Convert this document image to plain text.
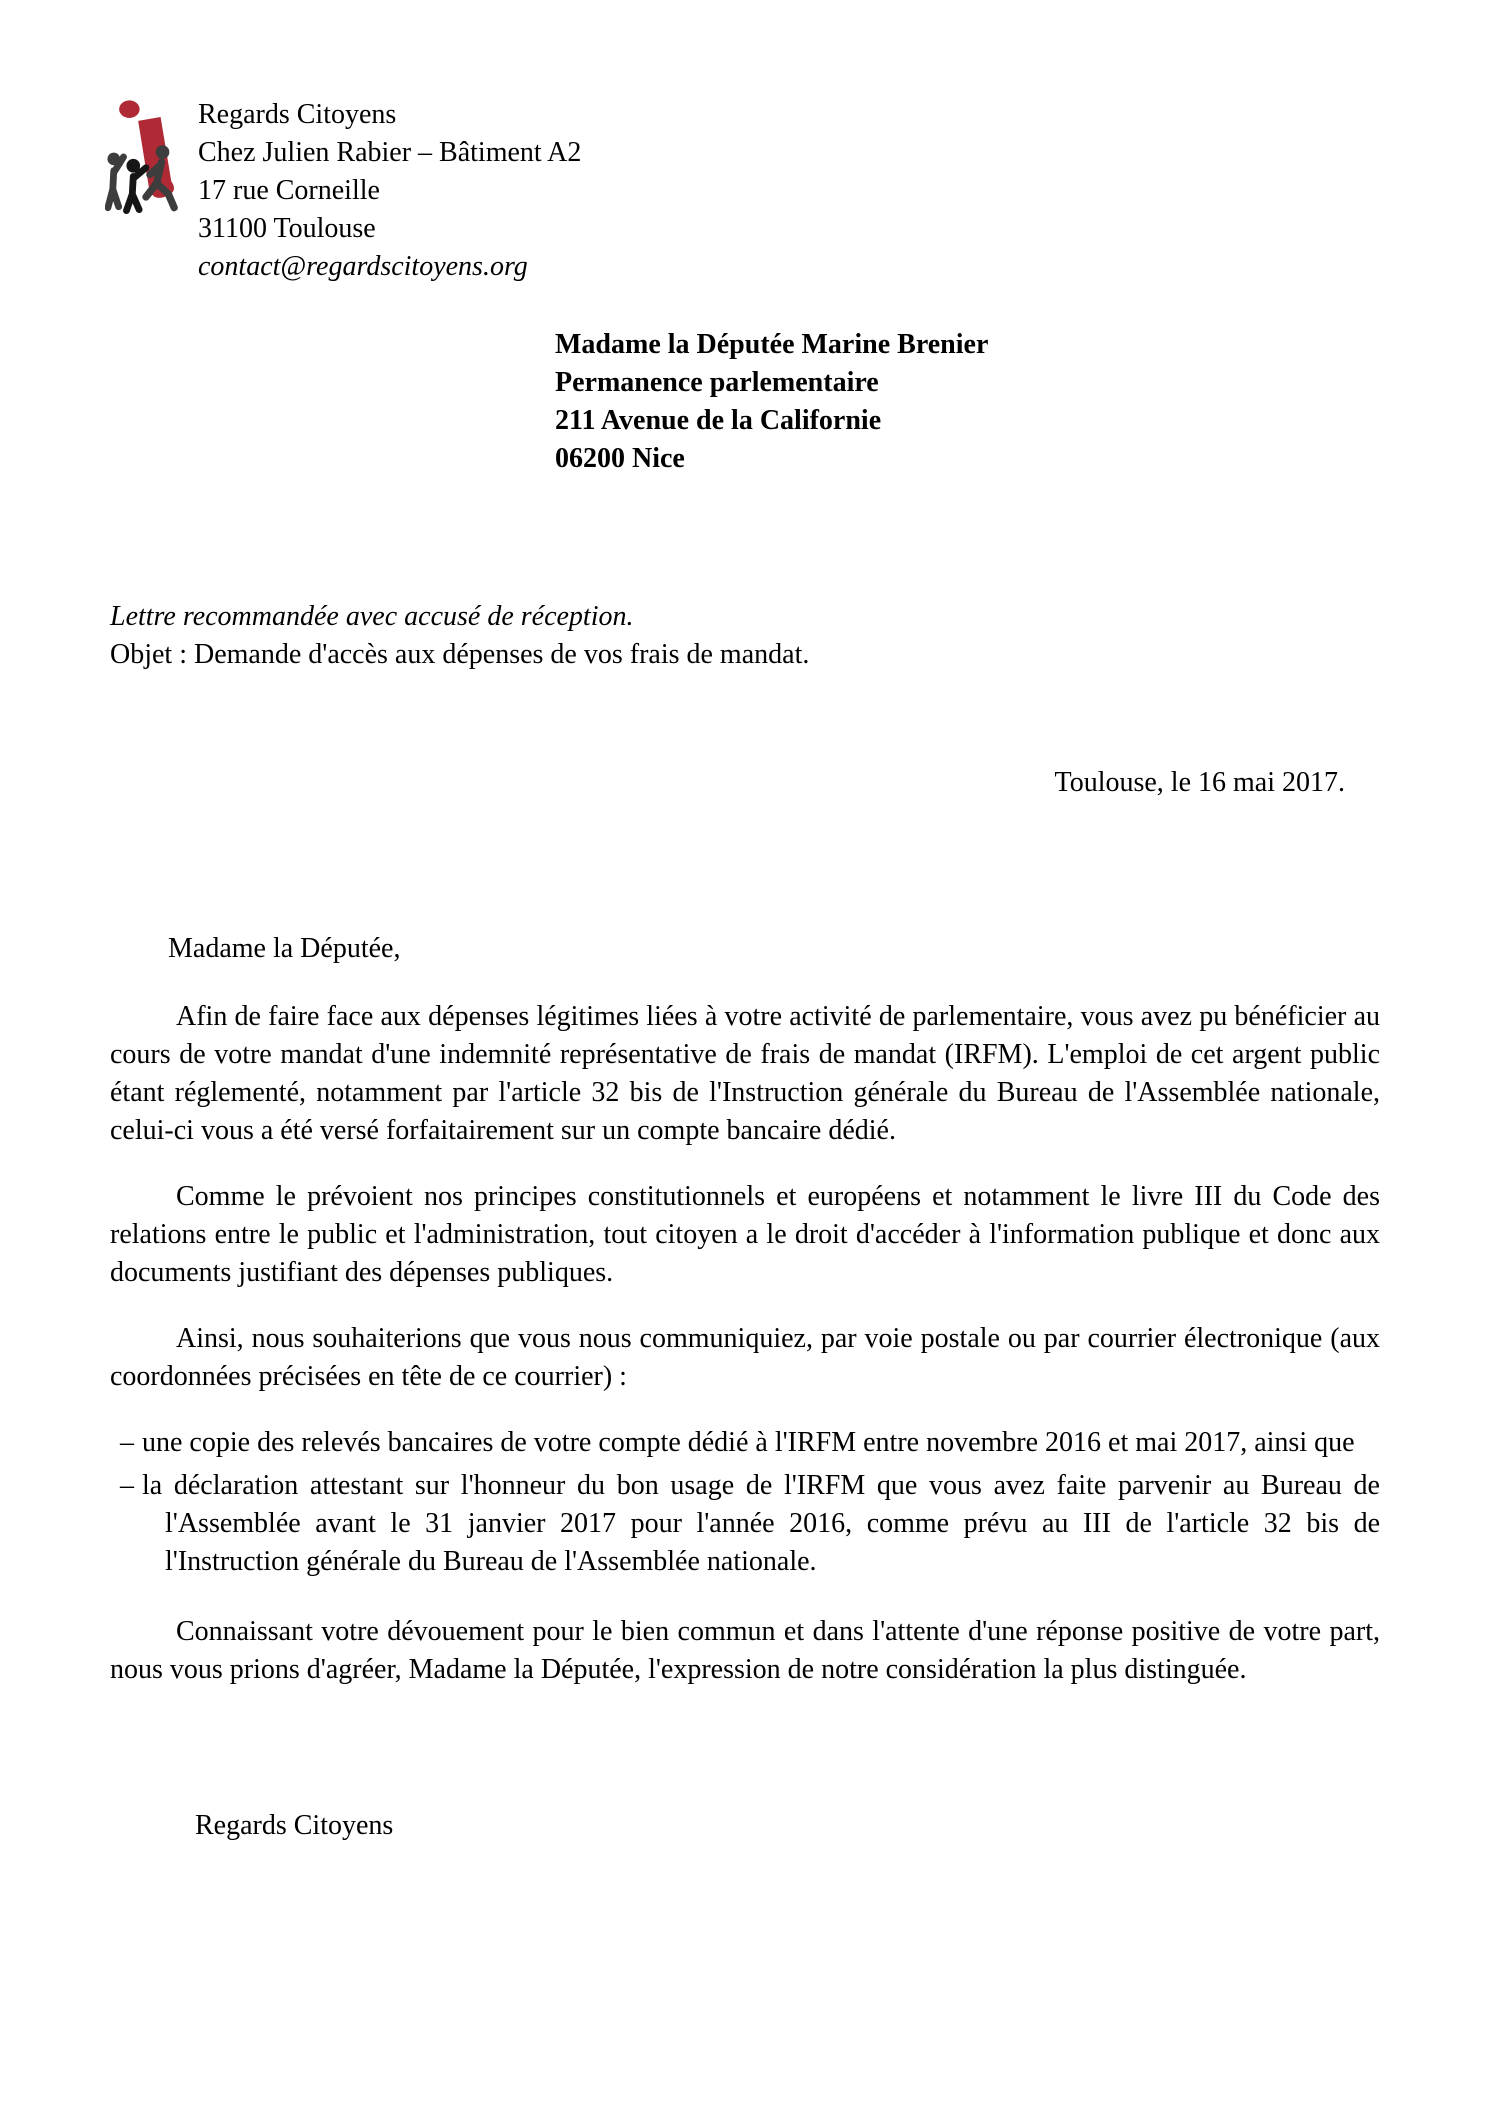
Regards Citoyens
Chez Julien Rabier – Bâtiment A2
17 rue Corneille
31100 Toulouse
contact@regardscitoyens.org
Madame la Députée Marine Brenier
Permanence parlementaire
211 Avenue de la Californie
06200 Nice
Lettre recommandée avec accusé de réception.
Objet : Demande d'accès aux dépenses de vos frais de mandat.
Toulouse, le 16 mai 2017.

Madame la Députée,

Afin de faire face aux dépenses légitimes liées à votre activité de parlementaire, vous avez pu bénéficier au cours de votre mandat d'une indemnité représentative de frais de mandat (IRFM). L'emploi de cet argent public étant réglementé, notamment par l'article 32 bis de l'Instruction générale du Bureau de l'Assemblée nationale, celui-ci vous a été versé forfaitairement sur un compte bancaire dédié.

Comme le prévoient nos principes constitutionnels et européens et notamment le livre III du Code des relations entre le public et l'administration, tout citoyen a le droit d'accéder à l'information publique et donc aux documents justifiant des dépenses publiques.

Ainsi, nous souhaiterions que vous nous communiquiez, par voie postale ou par courrier électronique (aux coordonnées précisées en tête de ce courrier) :

– une copie des relevés bancaires de votre compte dédié à l'IRFM entre novembre 2016 et mai 2017, ainsi que
– la déclaration attestant sur l'honneur du bon usage de l'IRFM que vous avez faite parvenir au Bureau de l'Assemblée avant le 31 janvier 2017 pour l'année 2016, comme prévu au III de l'article 32 bis de l'Instruction générale du Bureau de l'Assemblée nationale.

Connaissant votre dévouement pour le bien commun et dans l'attente d'une réponse positive de votre part, nous vous prions d'agréer, Madame la Députée, l'expression de notre considération la plus distinguée.

Regards Citoyens
